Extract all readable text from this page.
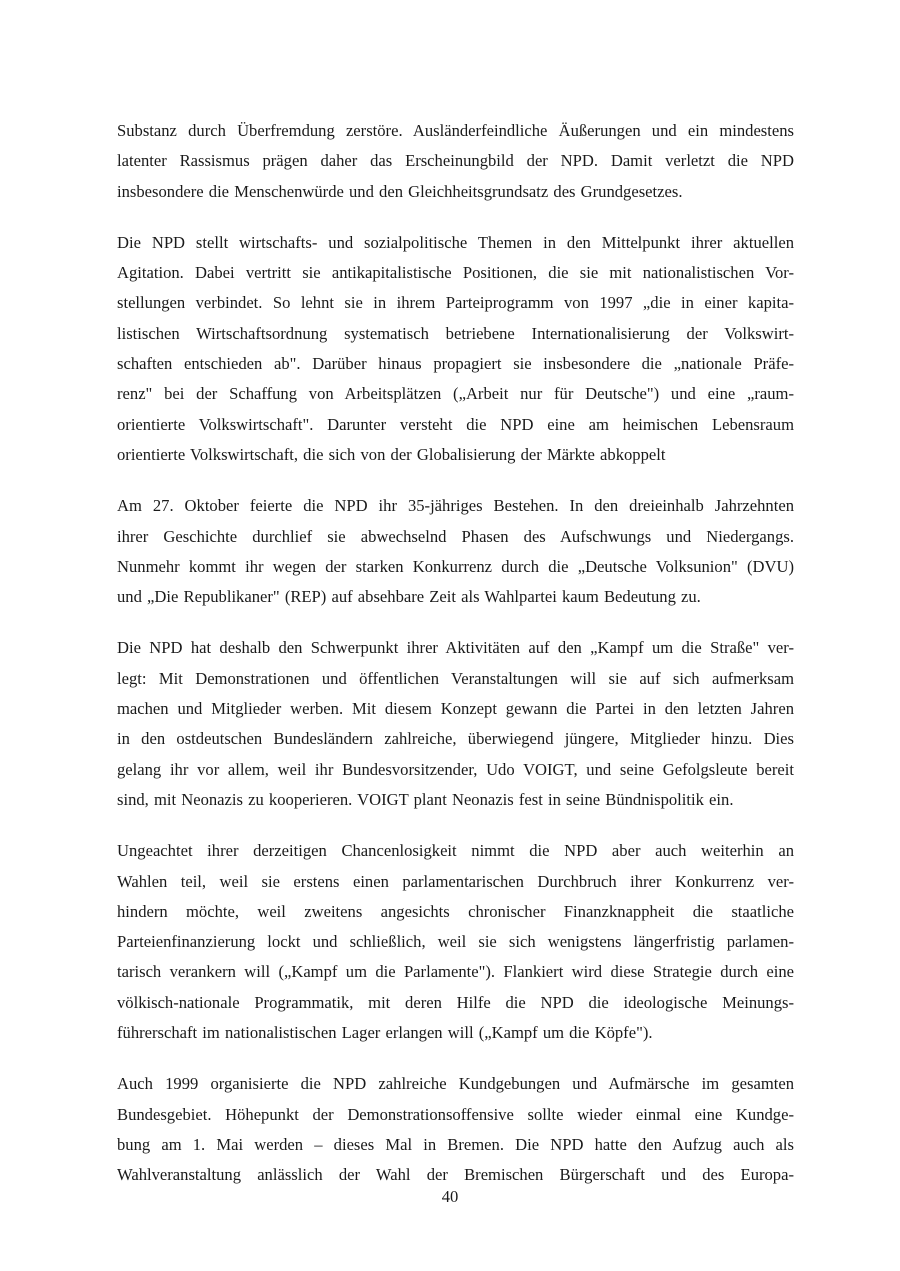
Substanz durch Überfremdung zerstöre. Ausländerfeindliche Äußerungen und ein mindestens
latenter Rassismus prägen daher das Erscheinungbild der NPD. Damit verletzt die NPD
insbesondere die Menschenwürde und den Gleichheitsgrundsatz des Grundgesetzes.

Die NPD stellt wirtschafts- und sozialpolitische Themen in den Mittelpunkt ihrer aktuellen
Agitation. Dabei vertritt sie antikapitalistische Positionen, die sie mit nationalistischen Vor-
stellungen verbindet. So lehnt sie in ihrem Parteiprogramm von 1997 „die in einer kapita-
listischen Wirtschaftsordnung systematisch betriebene Internationalisierung der Volkswirt-
schaften entschieden ab". Darüber hinaus propagiert sie insbesondere die „nationale Präfe-
renz" bei der Schaffung von Arbeitsplätzen („Arbeit nur für Deutsche") und eine „raum-
orientierte Volkswirtschaft". Darunter versteht die NPD eine am heimischen Lebensraum
orientierte Volkswirtschaft, die sich von der Globalisierung der Märkte abkoppelt

Am 27. Oktober feierte die NPD ihr 35-jähriges Bestehen. In den dreieinhalb Jahrzehnten
ihrer Geschichte durchlief sie abwechselnd Phasen des Aufschwungs und Niedergangs.
Nunmehr kommt ihr wegen der starken Konkurrenz durch die „Deutsche Volksunion" (DVU)
und „Die Republikaner" (REP) auf absehbare Zeit als Wahlpartei kaum Bedeutung zu.

Die NPD hat deshalb den Schwerpunkt ihrer Aktivitäten auf den „Kampf um die Straße" ver-
legt: Mit Demonstrationen und öffentlichen Veranstaltungen will sie auf sich aufmerksam
machen und Mitglieder werben. Mit diesem Konzept gewann die Partei in den letzten Jahren
in den ostdeutschen Bundesländern zahlreiche, überwiegend jüngere, Mitglieder hinzu. Dies
gelang ihr vor allem, weil ihr Bundesvorsitzender, Udo VOIGT, und seine Gefolgsleute bereit
sind, mit Neonazis zu kooperieren. VOIGT plant Neonazis fest in seine Bündnispolitik ein.

Ungeachtet ihrer derzeitigen Chancenlosigkeit nimmt die NPD aber auch weiterhin an
Wahlen teil, weil sie erstens einen parlamentarischen Durchbruch ihrer Konkurrenz ver-
hindern möchte, weil zweitens angesichts chronischer Finanzknappheit die staatliche
Parteienfinanzierung lockt und schließlich, weil sie sich wenigstens längerfristig parlamen-
tarisch verankern will („Kampf um die Parlamente"). Flankiert wird diese Strategie durch eine
völkisch-nationale Programmatik, mit deren Hilfe die NPD die ideologische Meinungs-
führerschaft im nationalistischen Lager erlangen will („Kampf um die Köpfe").

Auch 1999 organisierte die NPD zahlreiche Kundgebungen und Aufmärsche im gesamten
Bundesgebiet. Höhepunkt der Demonstrationsoffensive sollte wieder einmal eine Kundge-
bung am 1. Mai werden – dieses Mal in Bremen. Die NPD hatte den Aufzug auch als
Wahlveranstaltung anlässlich der Wahl der Bremischen Bürgerschaft und des Europa-

40
